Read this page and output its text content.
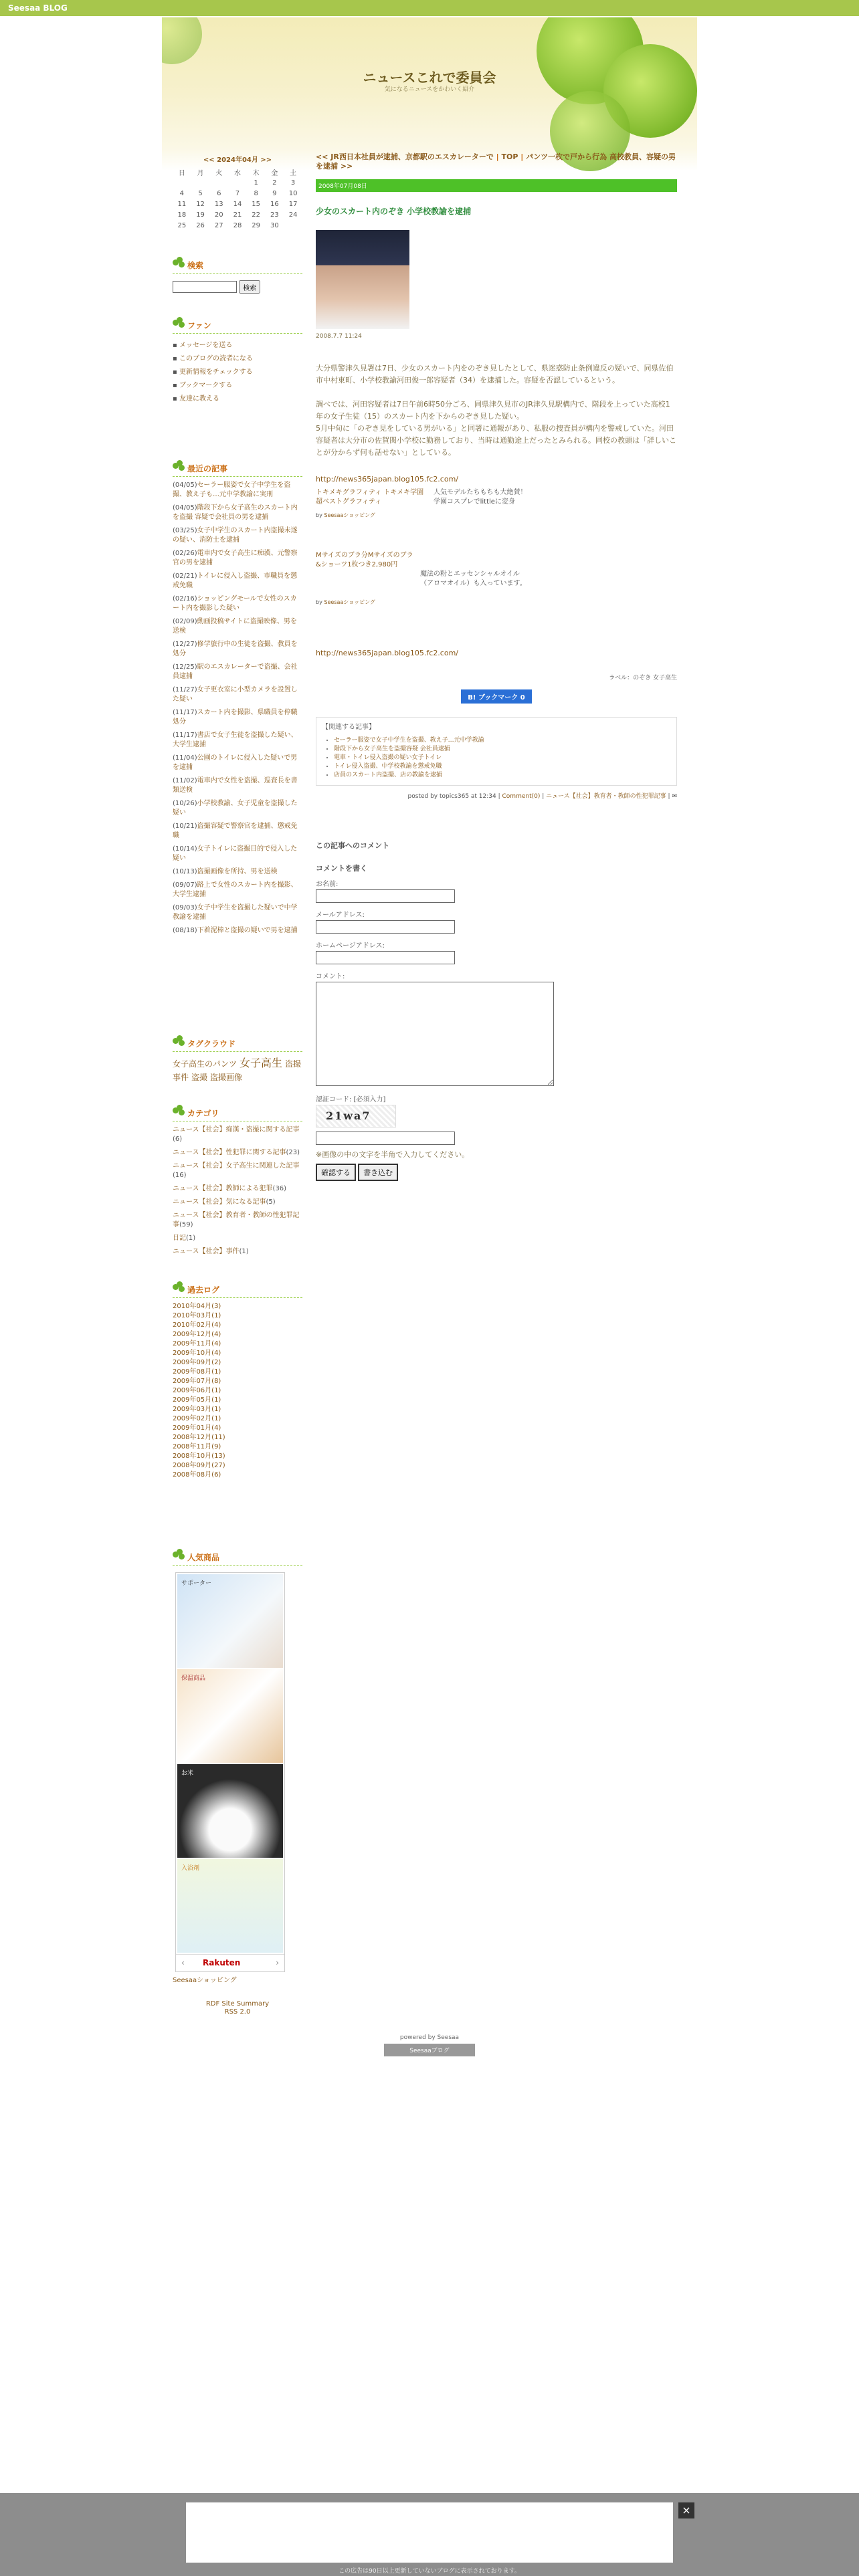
Seesaa BLOG
ニュースこれで委員会
気になるニュースをかわいく紹介
<< 2024年04月 >>
日	月	火	水	木	金	土
				1	2	3
4	5	6	7	8	9	10
11	12	13	14	15	16	17
18	19	20	21	22	23	24
25	26	27	28	29	30	
検索
検索
ファン
▪ メッセージを送る
▪ このブログの読者になる
▪ 更新情報をチェックする
▪ ブックマークする
▪ 友達に教える
最近の記事
(04/05)セーラー服姿で女子中学生を盗撮、教え子も…元中学教諭に実刑
(04/05)階段下から女子高生のスカート内を盗撮 容疑で会社員の男を逮捕
(03/25)女子中学生のスカート内盗撮未遂の疑い、消防士を逮捕
(02/26)電車内で女子高生に痴漢、元警察官の男を逮捕
(02/21)トイレに侵入し盗撮、市職員を懲戒免職
(02/16)ショッピングモールで女性のスカート内を撮影した疑い
(02/09)動画投稿サイトに盗撮映像、男を送検
(12/27)修学旅行中の生徒を盗撮、教員を処分
(12/25)駅のエスカレーターで盗撮、会社員逮捕
(11/27)女子更衣室に小型カメラを設置した疑い
(11/17)スカート内を撮影、県職員を停職処分
(11/17)書店で女子生徒を盗撮した疑い、大学生逮捕
(11/04)公園のトイレに侵入した疑いで男を逮捕
(11/02)電車内で女性を盗撮、巡査長を書類送検
(10/26)小学校教諭、女子児童を盗撮した疑い
(10/21)盗撮容疑で警察官を逮捕、懲戒免職
(10/14)女子トイレに盗撮目的で侵入した疑い
(10/13)盗撮画像を所持、男を送検
(09/07)路上で女性のスカート内を撮影、大学生逮捕
(09/03)女子中学生を盗撮した疑いで中学教諭を逮捕
(08/18)下着泥棒と盗撮の疑いで男を逮捕
タグクラウド
女子高生のパンツ 女子高生 盗撮事件 盗撮 盗撮画像
カテゴリ
ニュース【社会】痴漢・盗撮に関する記事(6)
ニュース【社会】性犯罪に関する記事(23)
ニュース【社会】女子高生に関連した記事(16)
ニュース【社会】教師による犯罪(36)
ニュース【社会】気になる記事(5)
ニュース【社会】教育者・教師の性犯罪記事(59)
日記(1)
ニュース【社会】事件(1)
過去ログ
2010年04月(3)
2010年03月(1)
2010年02月(4)
2009年12月(4)
2009年11月(4)
2009年10月(4)
2009年09月(2)
2009年08月(1)
2009年07月(8)
2009年06月(1)
2009年05月(1)
2009年03月(1)
2009年02月(1)
2009年01月(4)
2008年12月(11)
2008年11月(9)
2008年10月(13)
2008年09月(27)
2008年08月(6)
人気商品
サポーター
保温商品
お米
入浴剤
‹ Rakuten	›
Seesaaショッピング
RDF Site Summary
RSS 2.0
<< JR西日本社員が逮捕、京都駅のエスカレーターで | TOP | パンツ一枚で戸から行為 高校教員、容疑の男を逮捕 >>
2008年07月08日
少女のスカート内のぞき 小学校教諭を逮捕
2008.7.7 11:24

大分県警津久見署は7日、少女のスカート内をのぞき見したとして、県迷惑防止条例違反の疑いで、同県佐伯市中村東町、小学校教諭河田俊一郎容疑者（34）を逮捕した。容疑を否認しているという。

調べでは、河田容疑者は7日午前6時50分ごろ、同県津久見市のJR津久見駅構内で、階段を上っていた高校1年の女子生徒（15）のスカート内を下からのぞき見した疑い。

5月中旬に「のぞき見をしている男がいる」と同署に通報があり、私服の捜査員が構内を警戒していた。河田容疑者は大分市の佐賀関小学校に勤務しており、当時は通勤途上だったとみられる。同校の教頭は「詳しいことが分からず何も話せない」としている。

http://news365japan.blog105.fc2.com/

トキメキグラフィティ トキメキ学園 超ベストグラフィティ
人気モデルたちもちも大絶賛！学園コスプレでlittleに変身
by Seesaaショッピング
Mサイズのブラ分Mサイズのブラ&ショーツ1枚つき2,980円
魔法の粉とエッセンシャルオイル（アロマオイル）も入っています。
by Seesaaショッピング

http://news365japan.blog105.fc2.com/

ラベル：のぞき 女子高生
B! ブックマーク 0
【関連する記事】
• セーラー服姿で女子中学生を盗撮、教え子…元中学教諭
• 階段下から女子高生を盗撮容疑 会社員逮捕
• 電車・トイレ侵入盗撮の疑い女子トイレ
• トイレ侵入盗撮、中学校教諭を懲戒免職
• 店員のスカート内盗撮、店の教諭を逮捕
posted by topics365 at 12:34 | Comment(0) | ニュース【社会】教育者・教師の性犯罪記事 | ✉
この記事へのコメント
コメントを書く
お名前:
メールアドレス:
ホームページアドレス:
コメント:
認証コード: [必須入力]
21wa7
※画像の中の文字を半角で入力してください。
確認する 書き込む
powered by Seesaa
Seesaaブログ
×
この広告は90日以上更新していないブログに表示されております。
